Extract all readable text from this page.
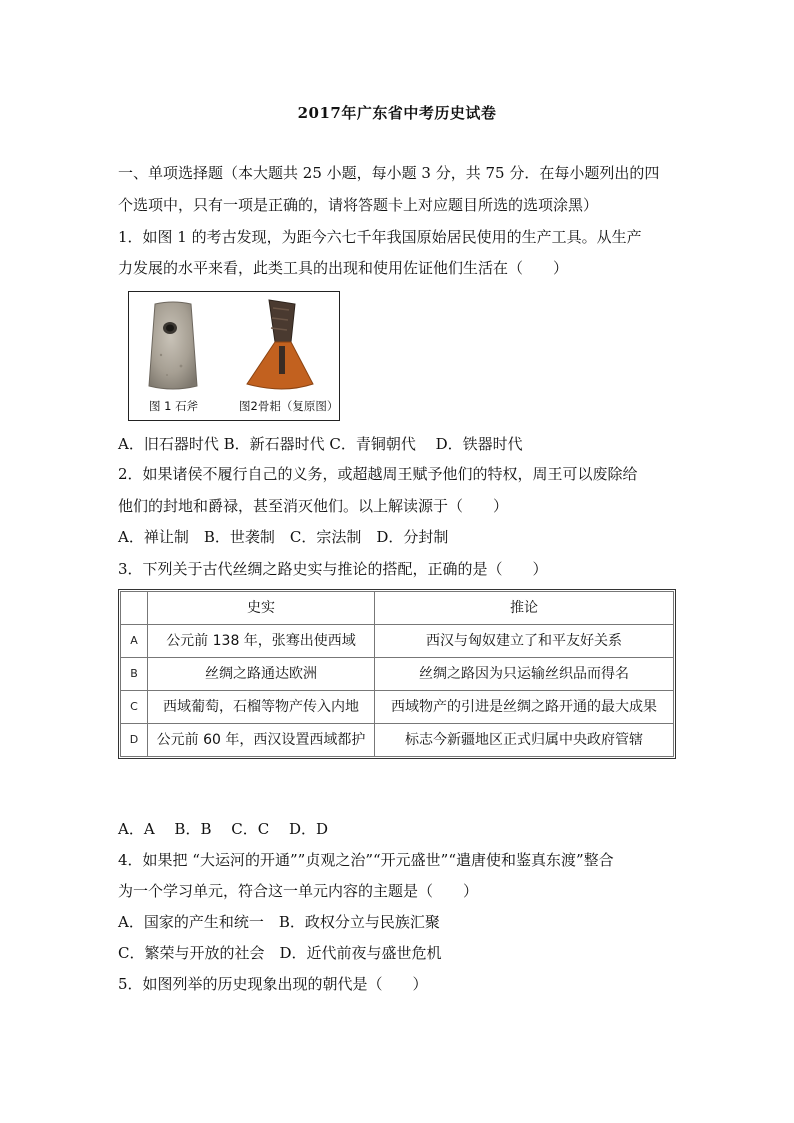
2017年广东省中考历史试卷
一、单项选择题（本大题共 25 小题，每小题 3 分，共 75 分．在每小题列出的四
个选项中，只有一项是正确的，请将答题卡上对应题目所选的选项涂黑）
1．如图 1 的考古发现，为距今六七千年我国原始居民使用的生产工具。从生产
力发展的水平来看，此类工具的出现和使用佐证他们生活在（　　）
图 1 石斧	图2骨耜（复原图）
A．旧石器时代 B．新石器时代 C．青铜朝代　 D．铁器时代
2．如果诸侯不履行自己的义务，或超越周王赋予他们的特权，周王可以废除给
他们的封地和爵禄，甚至消灭他们。以上解读源于（　　）
A．禅让制　B．世袭制　C．宗法制　D．分封制
3．下列关于古代丝绸之路史实与推论的搭配，正确的是（　　）
	史实	推论
A	公元前 138 年，张骞出使西域	西汉与匈奴建立了和平友好关系
B	丝绸之路通达欧洲	丝绸之路因为只运输丝织品而得名
C	西域葡萄，石榴等物产传入内地	西域物产的引进是丝绸之路开通的最大成果
D	公元前 60 年，西汉设置西域都护	标志今新疆地区正式归属中央政府管辖
A．A　 B．B　 C．C　 D．D
4．如果把 “大运河的开通””贞观之治”“开元盛世”“遣唐使和鉴真东渡”整合
为一个学习单元，符合这一单元内容的主题是（　　）
A．国家的产生和统一　B．政权分立与民族汇聚
C．繁荣与开放的社会　D．近代前夜与盛世危机
5．如图列举的历史现象出现的朝代是（　　）
